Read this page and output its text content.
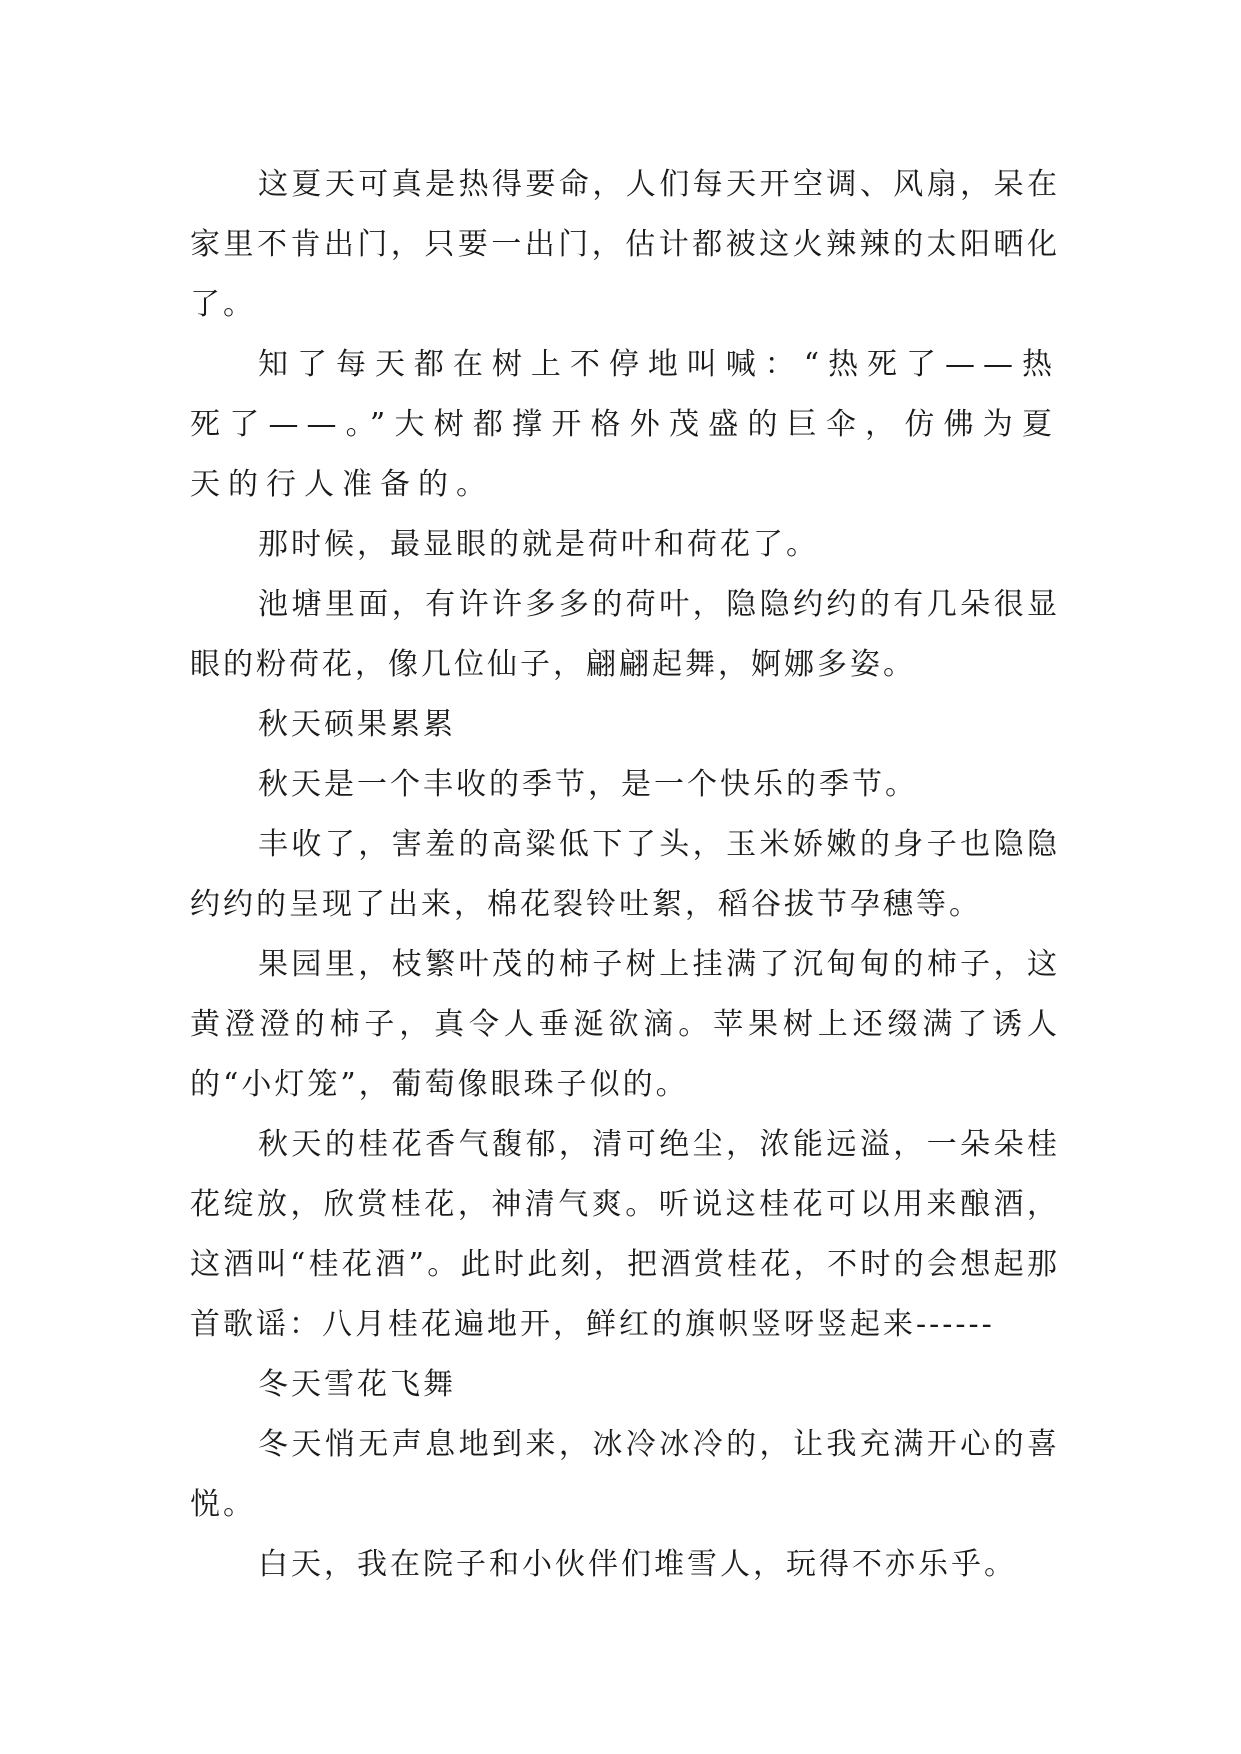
这夏天可真是热得要命，人们每天开空调、风扇，呆在家里不肯出门，只要一出门，估计都被这火辣辣的太阳晒化了。

知了每天都在树上不停地叫喊：“热死了——热死了——。”大树都撑开格外茂盛的巨伞，仿佛为夏天的行人准备的。

那时候，最显眼的就是荷叶和荷花了。

池塘里面，有许许多多的荷叶，隐隐约约的有几朵很显眼的粉荷花，像几位仙子，翩翩起舞，婀娜多姿。

秋天硕果累累

秋天是一个丰收的季节，是一个快乐的季节。

丰收了，害羞的高粱低下了头，玉米娇嫩的身子也隐隐约约的呈现了出来，棉花裂铃吐絮，稻谷拔节孕穗等。

果园里，枝繁叶茂的柿子树上挂满了沉甸甸的柿子，这黄澄澄的柿子，真令人垂涎欲滴。苹果树上还缀满了诱人的“小灯笼”，葡萄像眼珠子似的。

秋天的桂花香气馥郁，清可绝尘，浓能远溢，一朵朵桂花绽放，欣赏桂花，神清气爽。听说这桂花可以用来酿酒，这酒叫“桂花酒”。此时此刻，把酒赏桂花，不时的会想起那首歌谣：八月桂花遍地开，鲜红的旗帜竖呀竖起来------

冬天雪花飞舞

冬天悄无声息地到来，冰冷冰冷的，让我充满开心的喜悦。

白天，我在院子和小伙伴们堆雪人，玩得不亦乐乎。
